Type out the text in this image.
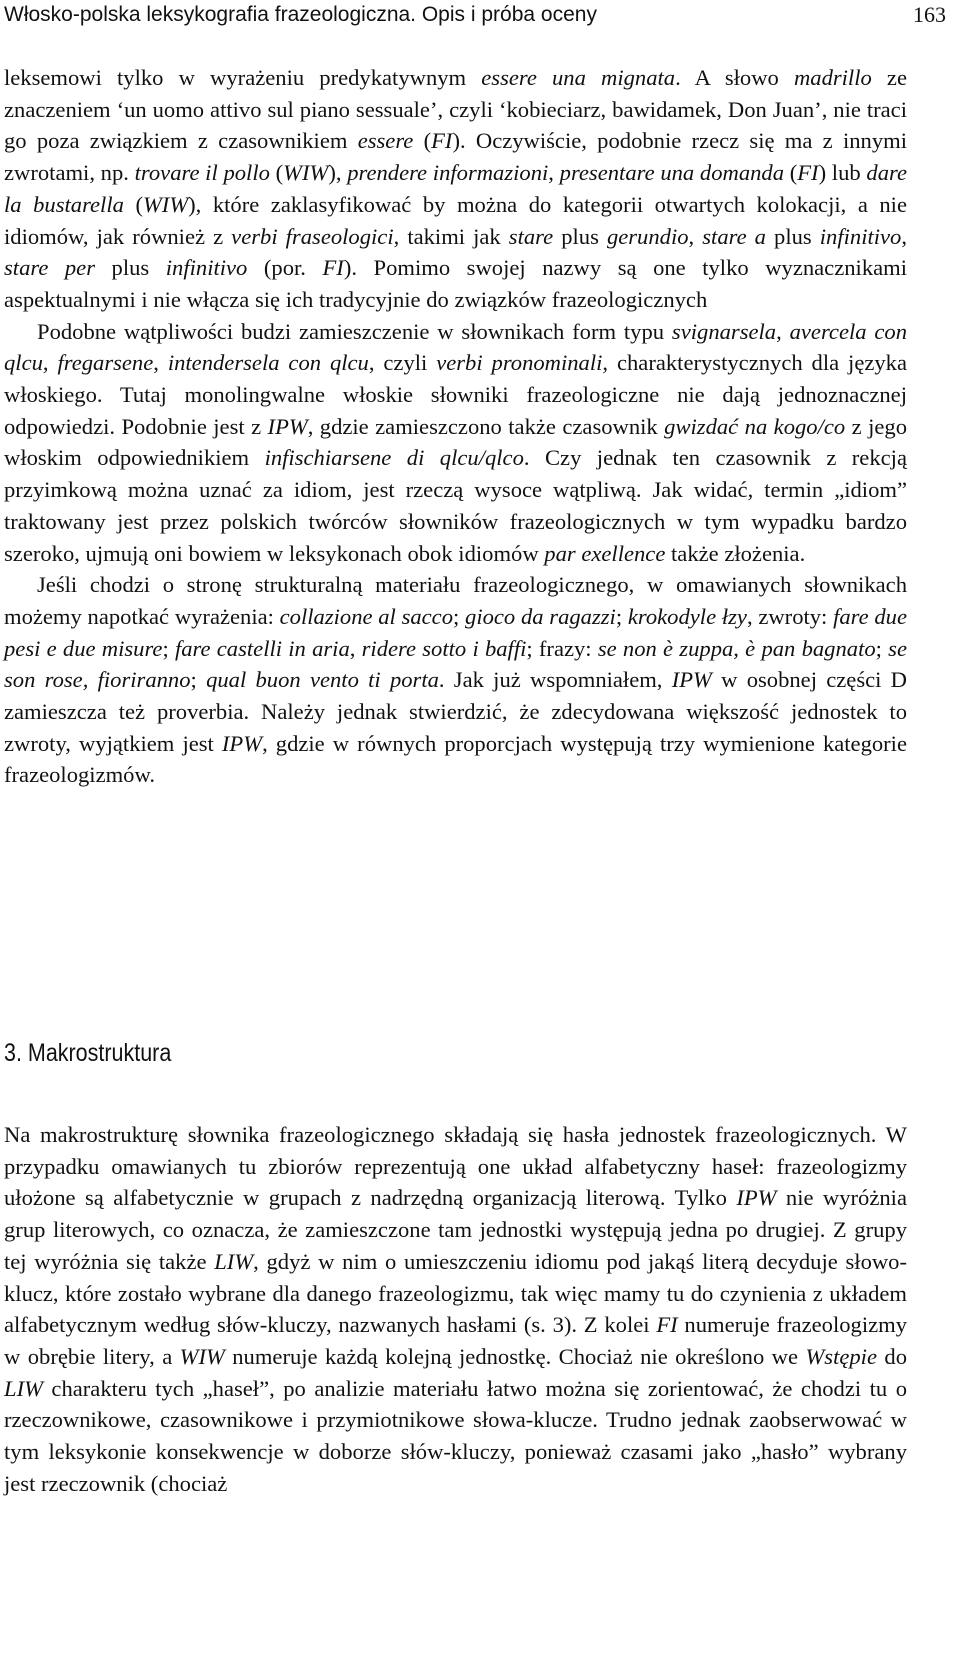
Włosko-polska leksykografia frazeologiczna. Opis i próba oceny	163

leksemowi tylko w wyrażeniu predykatywnym essere una mignata. A słowo madrillo ze znaczeniem ‘un uomo attivo sul piano sessuale’, czyli ‘kobieciarz, bawidamek, Don Juan’, nie traci go poza związkiem z czasownikiem essere (FI). Oczywiście, podobnie rzecz się ma z innymi zwrotami, np. trovare il pollo (WIW), prendere informazioni, presentare una domanda (FI) lub dare la bustarella (WIW), które zaklasyfikować by można do kategorii otwartych kolokacji, a nie idiomów, jak również z verbi fraseologici, takimi jak stare plus gerundio, stare a plus infinitivo, stare per plus infinitivo (por. FI). Pomimo swojej nazwy są one tylko wyznacznikami aspektualnymi i nie włącza się ich tradycyjnie do związków frazeologicznych

Podobne wątpliwości budzi zamieszczenie w słownikach form typu svignarsela, avercela con qlcu, fregarsene, intendersela con qlcu, czyli verbi pronominali, charakterystycznych dla języka włoskiego. Tutaj monolingwalne włoskie słowniki frazeologiczne nie dają jednoznacznej odpowiedzi. Podobnie jest z IPW, gdzie zamieszczono także czasownik gwizdać na kogo/co z jego włoskim odpowiednikiem infischiarsene di qlcu/qlco. Czy jednak ten czasownik z rekcją przyimkową można uznać za idiom, jest rzeczą wysoce wątpliwą. Jak widać, termin „idiom” traktowany jest przez polskich twórców słowników frazeologicznych w tym wypadku bardzo szeroko, ujmują oni bowiem w leksykonach obok idiomów par exellence także złożenia.

Jeśli chodzi o stronę strukturalną materiału frazeologicznego, w omawianych słownikach możemy napotkać wyrażenia: collazione al sacco; gioco da ragazzi; krokodyle łzy, zwroty: fare due pesi e due misure; fare castelli in aria, ridere sotto i baffi; frazy: se non è zuppa, è pan bagnato; se son rose, fioriranno; qual buon vento ti porta. Jak już wspomniałem, IPW w osobnej części D zamieszcza też proverbia. Należy jednak stwierdzić, że zdecydowana większość jednostek to zwroty, wyjątkiem jest IPW, gdzie w równych proporcjach występują trzy wymienione kategorie frazeologizmów.

3. Makrostruktura

Na makrostrukturę słownika frazeologicznego składają się hasła jednostek frazeologicznych. W przypadku omawianych tu zbiorów reprezentują one układ alfabetyczny haseł: frazeologizmy ułożone są alfabetycznie w grupach z nadrzędną organizacją literową. Tylko IPW nie wyróżnia grup literowych, co oznacza, że zamieszczone tam jednostki występują jedna po drugiej. Z grupy tej wyróżnia się także LIW, gdyż w nim o umieszczeniu idiomu pod jakąś literą decyduje słowo-klucz, które zostało wybrane dla danego frazeologizmu, tak więc mamy tu do czynienia z układem alfabetycznym według słów-kluczy, nazwanych hasłami (s. 3). Z kolei FI numeruje frazeologizmy w obrębie litery, a WIW numeruje każdą kolejną jednostkę. Chociaż nie określono we Wstępie do LIW charakteru tych „haseł”, po analizie materiału łatwo można się zorientować, że chodzi tu o rzeczownikowe, czasownikowe i przymiotnikowe słowa-klucze. Trudno jednak zaobserwować w tym leksykonie konsekwencje w doborze słów-kluczy, ponieważ czasami jako „hasło” wybrany jest rzeczownik (chociaż
